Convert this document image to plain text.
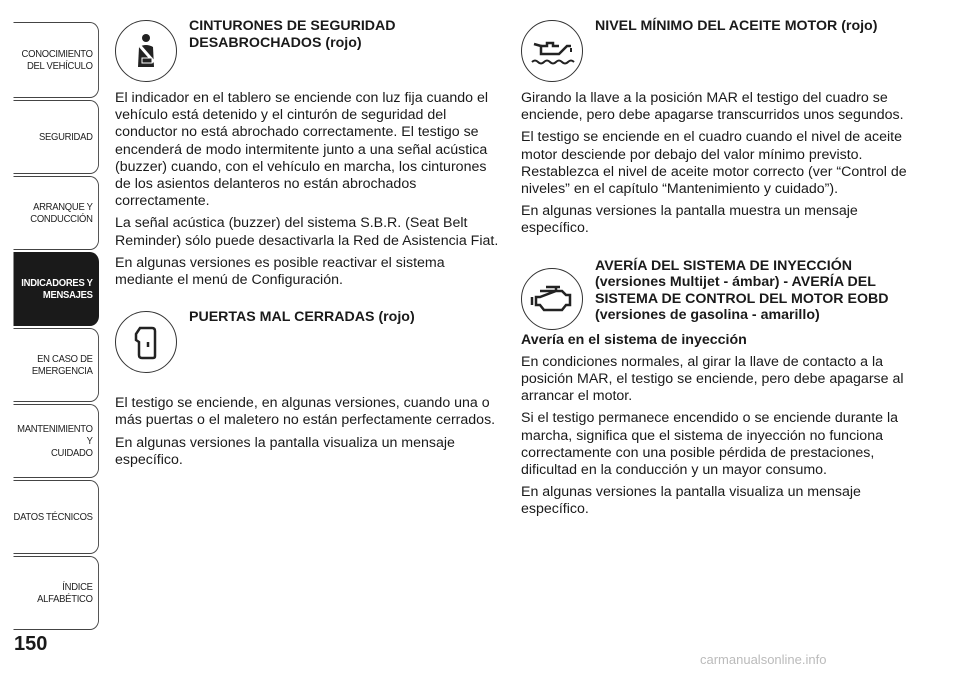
CONOCIMIENTO
DEL VEHÍCULO
SEGURIDAD
ARRANQUE Y
CONDUCCIÓN
INDICADORES Y
MENSAJES
EN CASO DE
EMERGENCIA
MANTENIMIENTO Y
CUIDADO
DATOS TÉCNICOS
ÍNDICE ALFABÉTICO
150
CINTURONES DE SEGURIDAD DESABROCHADOS (rojo)

El indicador en el tablero se enciende con luz fija cuando el vehículo está detenido y el cinturón de seguridad del conductor no está abrochado correctamente. El testigo se encenderá de modo intermitente junto a una señal acústica (buzzer) cuando, con el vehículo en marcha, los cinturones de los asientos delanteros no están abrochados correctamente.

La señal acústica (buzzer) del sistema S.B.R. (Seat Belt Reminder) sólo puede desactivarla la Red de Asistencia Fiat.

En algunas versiones es posible reactivar el sistema mediante el menú de Configuración.

PUERTAS MAL CERRADAS (rojo)

El testigo se enciende, en algunas versiones, cuando una o más puertas o el maletero no están perfectamente cerrados.

En algunas versiones la pantalla visualiza un mensaje específico.

NIVEL MÍNIMO DEL ACEITE MOTOR (rojo)

Girando la llave a la posición MAR el testigo del cuadro se enciende, pero debe apagarse transcurridos unos segundos.

El testigo se enciende en el cuadro cuando el nivel de aceite motor desciende por debajo del valor mínimo previsto. Restablezca el nivel de aceite motor correcto (ver “Control de niveles” en el capítulo “Mantenimiento y cuidado”).

En algunas versiones la pantalla muestra un mensaje específico.

AVERÍA DEL SISTEMA DE INYECCIÓN (versiones Multijet - ámbar) - AVERÍA DEL SISTEMA DE CONTROL DEL MOTOR EOBD (versiones de gasolina - amarillo)

Avería en el sistema de inyección

En condiciones normales, al girar la llave de contacto a la posición MAR, el testigo se enciende, pero debe apagarse al arrancar el motor.

Si el testigo permanece encendido o se enciende durante la marcha, significa que el sistema de inyección no funciona correctamente con una posible pérdida de prestaciones, dificultad en la conducción y un mayor consumo.

En algunas versiones la pantalla visualiza un mensaje específico.

carmanualsonline.info
